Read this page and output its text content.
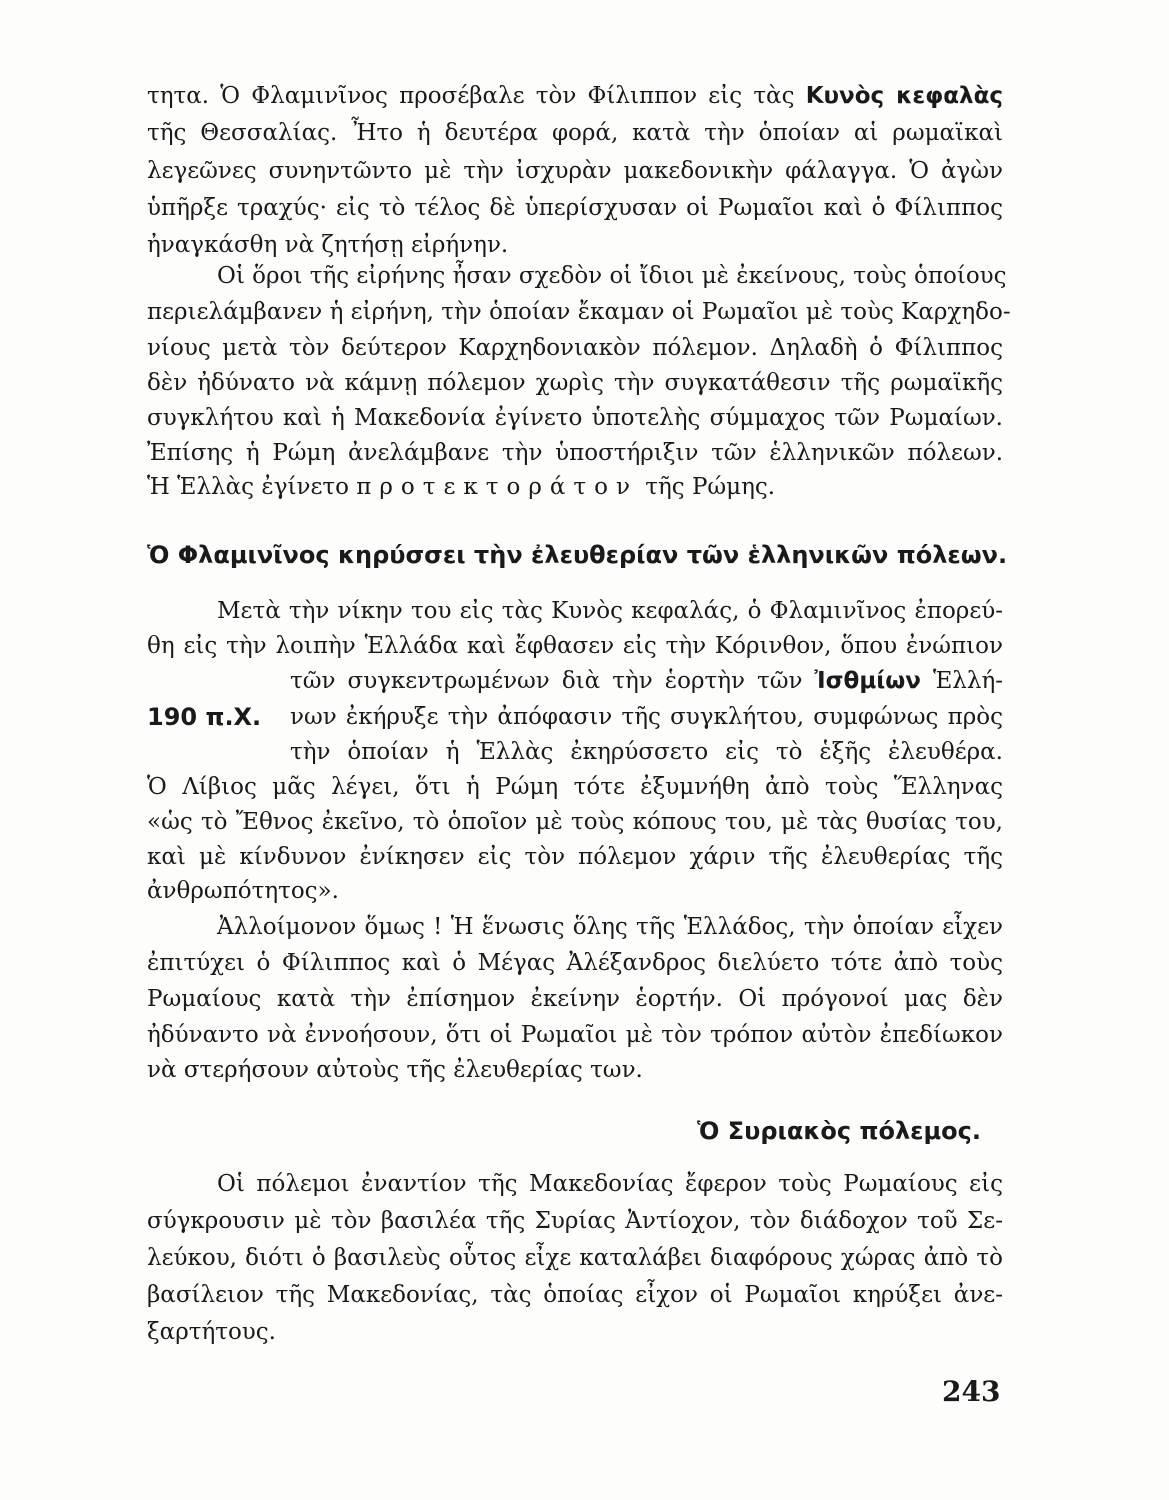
τητα. Ὁ Φλαμινῖνος προσέβαλε τὸν Φίλιππον εἰς τὰς Κυνὸς κεφαλὰς
τῆς Θεσσαλίας. Ἦτο ἡ δευτέρα φορά, κατὰ τὴν ὁποίαν αἱ ρωμαϊκαὶ
λεγεῶνες συνηντῶντο μὲ τὴν ἰσχυρὰν μακεδονικὴν φάλαγγα. Ὁ ἀγὼν
ὑπῆρξε τραχύς· εἰς τὸ τέλος δὲ ὑπερίσχυσαν οἱ Ρωμαῖοι καὶ ὁ Φίλιππος
ἠναγκάσθη νὰ ζητήσῃ εἰρήνην.
Οἱ ὅροι τῆς εἰρήνης ἦσαν σχεδὸν οἱ ἴδιοι μὲ ἐκείνους, τοὺς ὁποίους
περιελάμβανεν ἡ εἰρήνη, τὴν ὁποίαν ἔκαμαν οἱ Ρωμαῖοι μὲ τοὺς Καρχηδο-
νίους μετὰ τὸν δεύτερον Καρχηδονιακὸν πόλεμον. Δηλαδὴ ὁ Φίλιππος
δὲν ἠδύνατο νὰ κάμνῃ πόλεμον χωρὶς τὴν συγκατάθεσιν τῆς ρωμαϊκῆς
συγκλήτου καὶ ἡ Μακεδονία ἐγίνετο ὑποτελὴς σύμμαχος τῶν Ρωμαίων.
Ἐπίσης ἡ Ρώμη ἀνελάμβανε τὴν ὑποστήριξιν τῶν ἑλληνικῶν πόλεων.
Ἡ Ἑλλὰς ἐγίνετο προτεκτοράτον τῆς Ρώμης.
Ὁ Φλαμινῖνος κηρύσσει τὴν ἐλευθερίαν τῶν ἑλληνικῶν πόλεων.
Μετὰ τὴν νίκην του εἰς τὰς Κυνὸς κεφαλάς, ὁ Φλαμινῖνος ἐπορεύ-
θη εἰς τὴν λοιπὴν Ἑλλάδα καὶ ἔφθασεν εἰς τὴν Κόρινθον, ὅπου ἐνώπιον
τῶν συγκεντρωμένων διὰ τὴν ἑορτὴν τῶν Ἰσθμίων Ἑλλή-
190 π.Χ. νων ἐκήρυξε τὴν ἀπόφασιν τῆς συγκλήτου, συμφώνως πρὸς
τὴν ὁποίαν ἡ Ἑλλὰς ἐκηρύσσετο εἰς τὸ ἑξῆς ἐλευθέρα.
Ὁ Λίβιος μᾶς λέγει, ὅτι ἡ Ρώμη τότε ἐξυμνήθη ἀπὸ τοὺς Ἕλληνας
«ὡς τὸ Ἔθνος ἐκεῖνο, τὸ ὁποῖον μὲ τοὺς κόπους του, μὲ τὰς θυσίας του,
καὶ μὲ κίνδυνον ἐνίκησεν εἰς τὸν πόλεμον χάριν τῆς ἐλευθερίας τῆς
ἀνθρωπότητος».
Ἀλλοίμονον ὅμως ! Ἡ ἕνωσις ὅλης τῆς Ἑλλάδος, τὴν ὁποίαν εἶχεν
ἐπιτύχει ὁ Φίλιππος καὶ ὁ Μέγας Ἀλέξανδρος διελύετο τότε ἀπὸ τοὺς
Ρωμαίους κατὰ τὴν ἐπίσημον ἐκείνην ἑορτήν. Οἱ πρόγονοί μας δὲν
ἠδύναντο νὰ ἐννοήσουν, ὅτι οἱ Ρωμαῖοι μὲ τὸν τρόπον αὐτὸν ἐπεδίωκον
νὰ στερήσουν αὐτοὺς τῆς ἐλευθερίας των.
Ὁ Συριακὸς πόλεμος.
Οἱ πόλεμοι ἐναντίον τῆς Μακεδονίας ἔφερον τοὺς Ρωμαίους εἰς
σύγκρουσιν μὲ τὸν βασιλέα τῆς Συρίας Ἀντίοχον, τὸν διάδοχον τοῦ Σε-
λεύκου, διότι ὁ βασιλεὺς οὗτος εἶχε καταλάβει διαφόρους χώρας ἀπὸ τὸ
βασίλειον τῆς Μακεδονίας, τὰς ὁποίας εἶχον οἱ Ρωμαῖοι κηρύξει ἀνε-
ξαρτήτους.
243
